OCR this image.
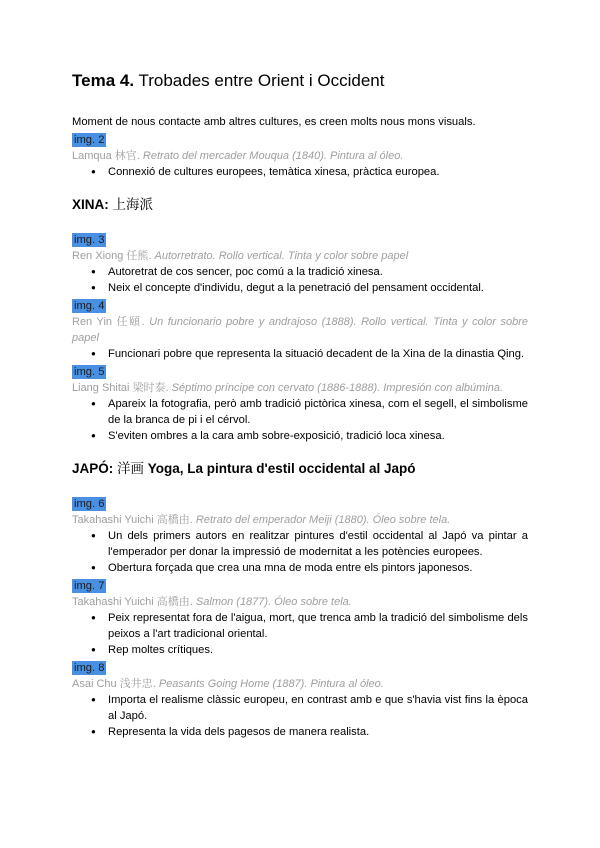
Tema 4. Trobades entre Orient i Occident

Moment de nous contacte amb altres cultures, es creen molts nous mons visuals.

img. 2

Lamqua 林官. Retrato del mercader Mouqua (1840). Pintura al óleo.

● Connexió de cultures europees, temàtica xinesa, pràctica europea.
XINA: 上海派
img. 3

Ren Xiong 任熊. Autorretrato. Rollo vertical. Tinta y color sobre papel

● Autoretrat de cos sencer, poc comú a la tradició xinesa.
● Neix el concepte d'individu, degut a la penetració del pensament occidental.
img. 4

Ren Yin 任頤. Un funcionario pobre y andrajoso (1888). Rollo vertical. Tinta y color sobre papel

● Funcionari pobre que representa la situació decadent de la Xina de la dinastia Qing.
img. 5

Liang Shitai 梁时泰. Séptimo príncipe con cervato (1886-1888). Impresión con albúmina.

● Apareix la fotografia, però amb tradició pictòrica xinesa, com el segell, el simbolisme de la branca de pi i el cérvol.
● S'eviten ombres a la cara amb sobre-exposició, tradició loca xinesa.
JAPÓ: 洋画 Yoga, La pintura d'estil occidental al Japó
img. 6

Takahashi Yuichi 高橋由. Retrato del emperador Meiji (1880). Óleo sobre tela.

● Un dels primers autors en realitzar pintures d'estil occidental al Japó va pintar a l'emperador per donar la impressió de modernitat a les potències europees.
● Obertura forçada que crea una mna de moda entre els pintors japonesos.
img. 7

Takahashi Yuichi 高橋由. Salmon (1877). Óleo sobre tela.

● Peix representat fora de l'aigua, mort, que trenca amb la tradició del simbolisme dels peixos a l'art tradicional oriental.
● Rep moltes crítiques.
img. 8

Asai Chu 浅井忠. Peasants Going Home (1887). Pintura al óleo.

● Importa el realisme clàssic europeu, en contrast amb e que s'havia vist fins la època al Japó.
● Representa la vida dels pagesos de manera realista.
